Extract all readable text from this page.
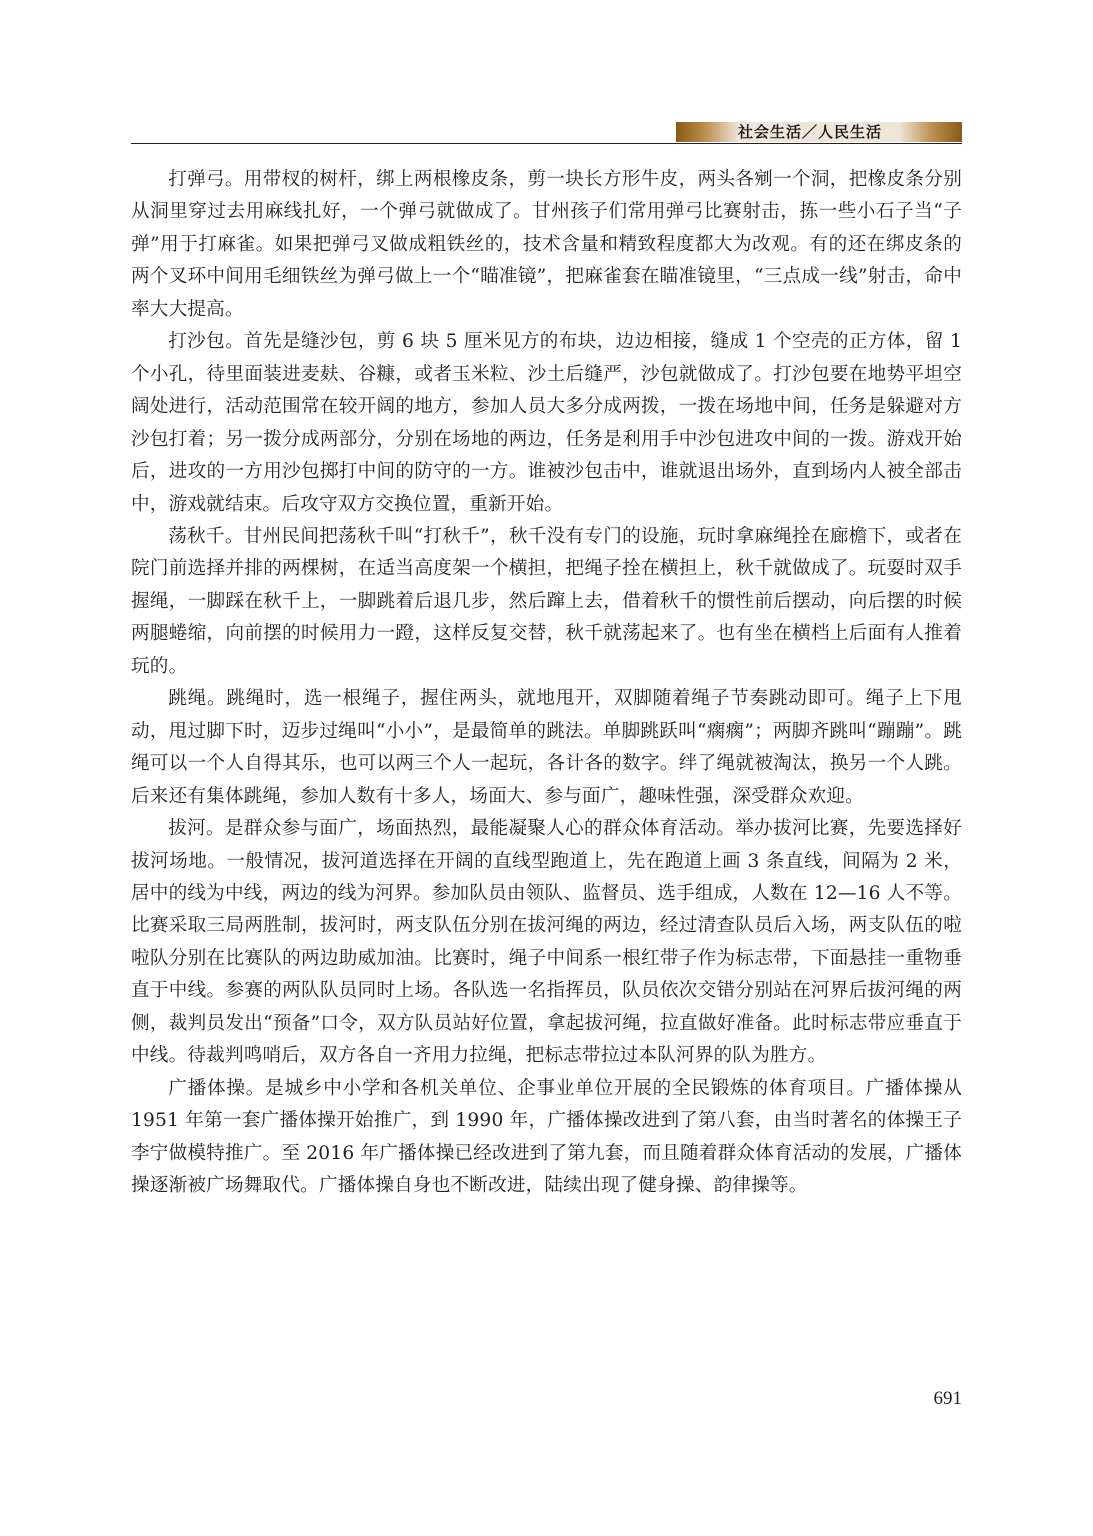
社会生活／人民生活

打弹弓。用带杈的树杆，绑上两根橡皮条，剪一块长方形牛皮，两头各剜一个洞，把橡皮条分别从洞里穿过去用麻线扎好，一个弹弓就做成了。甘州孩子们常用弹弓比赛射击，拣一些小石子当“子弹”用于打麻雀。如果把弹弓叉做成粗铁丝的，技术含量和精致程度都大为改观。有的还在绑皮条的两个叉环中间用毛细铁丝为弹弓做上一个“瞄准镜”，把麻雀套在瞄准镜里，“三点成一线”射击，命中率大大提高。

打沙包。首先是缝沙包，剪 6 块 5 厘米见方的布块，边边相接，缝成 1 个空壳的正方体，留 1 个小孔，待里面装进麦麸、谷糠，或者玉米粒、沙土后缝严，沙包就做成了。打沙包要在地势平坦空阔处进行，活动范围常在较开阔的地方，参加人员大多分成两拨，一拨在场地中间，任务是躲避对方沙包打着；另一拨分成两部分，分别在场地的两边，任务是利用手中沙包进攻中间的一拨。游戏开始后，进攻的一方用沙包掷打中间的防守的一方。谁被沙包击中，谁就退出场外，直到场内人被全部击中，游戏就结束。后攻守双方交换位置，重新开始。

荡秋千。甘州民间把荡秋千叫“打秋千”，秋千没有专门的设施，玩时拿麻绳拴在廊檐下，或者在院门前选择并排的两棵树，在适当高度架一个横担，把绳子拴在横担上，秋千就做成了。玩耍时双手握绳，一脚踩在秋千上，一脚跳着后退几步，然后蹿上去，借着秋千的惯性前后摆动，向后摆的时候两腿蜷缩，向前摆的时候用力一蹬，这样反复交替，秋千就荡起来了。也有坐在横档上后面有人推着玩的。

跳绳。跳绳时，选一根绳子，握住两头，就地甩开，双脚随着绳子节奏跳动即可。绳子上下甩动，甩过脚下时，迈步过绳叫“小小”，是最简单的跳法。单脚跳跃叫“瘸瘸”；两脚齐跳叫“蹦蹦”。跳绳可以一个人自得其乐，也可以两三个人一起玩，各计各的数字。绊了绳就被淘汰，换另一个人跳。后来还有集体跳绳，参加人数有十多人，场面大、参与面广，趣味性强，深受群众欢迎。

拔河。是群众参与面广，场面热烈，最能凝聚人心的群众体育活动。举办拔河比赛，先要选择好拔河场地。一般情况，拔河道选择在开阔的直线型跑道上，先在跑道上画 3 条直线，间隔为 2 米，居中的线为中线，两边的线为河界。参加队员由领队、监督员、选手组成，人数在 12—16 人不等。比赛采取三局两胜制，拔河时，两支队伍分别在拔河绳的两边，经过清查队员后入场，两支队伍的啦 啦队分别在比赛队的两边助威加油。比赛时，绳子中间系一根红带子作为标志带，下面悬挂一重物垂直于中线。参赛的两队队员同时上场。各队选一名指挥员，队员依次交错分别站在河界后拔河绳的两侧，裁判员发出“预备”口令，双方队员站好位置，拿起拔河绳，拉直做好准备。此时标志带应垂直于中线。待裁判鸣哨后，双方各自一齐用力拉绳，把标志带拉过本队河界的队为胜方。

广播体操。是城乡中小学和各机关单位、企事业单位开展的全民锻炼的体育项目。广播体操从 1951 年第一套广播体操开始推广，到 1990 年，广播体操改进到了第八套，由当时著名的体操王子李宁做模特推广。至 2016 年广播体操已经改进到了第九套，而且随着群众体育活动的发展，广播体操逐渐被广场舞取代。广播体操自身也不断改进，陆续出现了健身操、韵律操等。

691
